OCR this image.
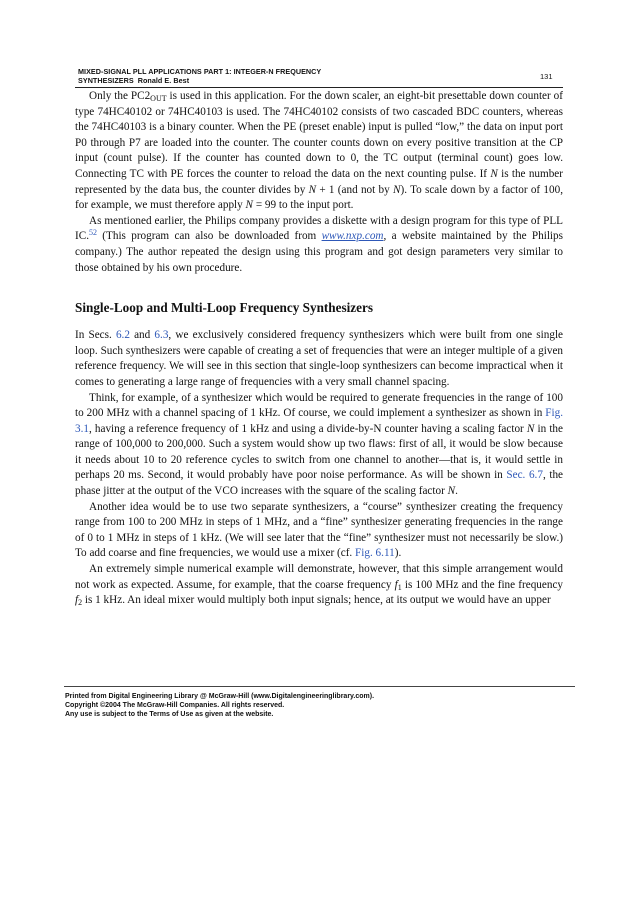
MIXED-SIGNAL PLL APPLICATIONS PART 1: INTEGER-N FREQUENCY
SYNTHESIZERS Ronald E. Best	131

Only the $PC2_{OUT}$ is used in this application. For the down scaler, an eight-bit presettable down counter of type 74HC40102 or 74HC40103 is used. The 74HC40102 consists of two cascaded BDC counters, whereas the 74HC40103 is a binary counter. When the PE (preset enable) input is pulled “low,” the data on input port P0 through P7 are loaded into the counter. The counter counts down on every positive transition at the CP input (count pulse). If the counter has counted down to 0, the TC output (terminal count) goes low. Connecting TC with PE forces the counter to reload the data on the next counting pulse. If N is the number represented by the data bus, the counter divides by N + 1 (and not by N). To scale down by a factor of 100, for example, we must therefore apply N = 99 to the input port.

As mentioned earlier, the Philips company provides a diskette with a design program for this type of PLL IC.$^{52}$ (This program can also be downloaded from www.nxp.com, a website maintained by the Philips company.) The author repeated the design using this program and got design parameters very similar to those obtained by his own procedure.

Single-Loop and Multi-Loop Frequency Synthesizers

In Secs. 6.2 and 6.3, we exclusively considered frequency synthesizers which were built from one single loop. Such synthesizers were capable of creating a set of frequencies that were an integer multiple of a given reference frequency. We will see in this section that single-loop synthesizers can become impractical when it comes to generating a large range of frequencies with a very small channel spacing.

Think, for example, of a synthesizer which would be required to generate frequencies in the range of 100 to 200 MHz with a channel spacing of 1 kHz. Of course, we could implement a synthesizer as shown in Fig. 3.1, having a reference frequency of 1 kHz and using a divide-by-N counter having a scaling factor N in the range of 100,000 to 200,000. Such a system would show up two flaws: first of all, it would be slow because it needs about 10 to 20 reference cycles to switch from one channel to another—that is, it would settle in perhaps 20 ms. Second, it would probably have poor noise performance. As will be shown in Sec. 6.7, the phase jitter at the output of the VCO increases with the square of the scaling factor N.

Another idea would be to use two separate synthesizers, a “course” synthesizer creating the frequency range from 100 to 200 MHz in steps of 1 MHz, and a “fine” synthesizer generating frequencies in the range of 0 to 1 MHz in steps of 1 kHz. (We will see later that the “fine” synthesizer must not necessarily be slow.) To add coarse and fine frequencies, we would use a mixer (cf. Fig. 6.11).

An extremely simple numerical example will demonstrate, however, that this simple arrangement would not work as expected. Assume, for example, that the coarse frequency $f_1$ is 100 MHz and the fine frequency $f_2$ is 1 kHz. An ideal mixer would multiply both input signals; hence, at its output we would have an upper

Printed from Digital Engineering Library @ McGraw-Hill (www.Digitalengineeringlibrary.com).
Copyright ©2004 The McGraw-Hill Companies. All rights reserved.
Any use is subject to the Terms of Use as given at the website.
